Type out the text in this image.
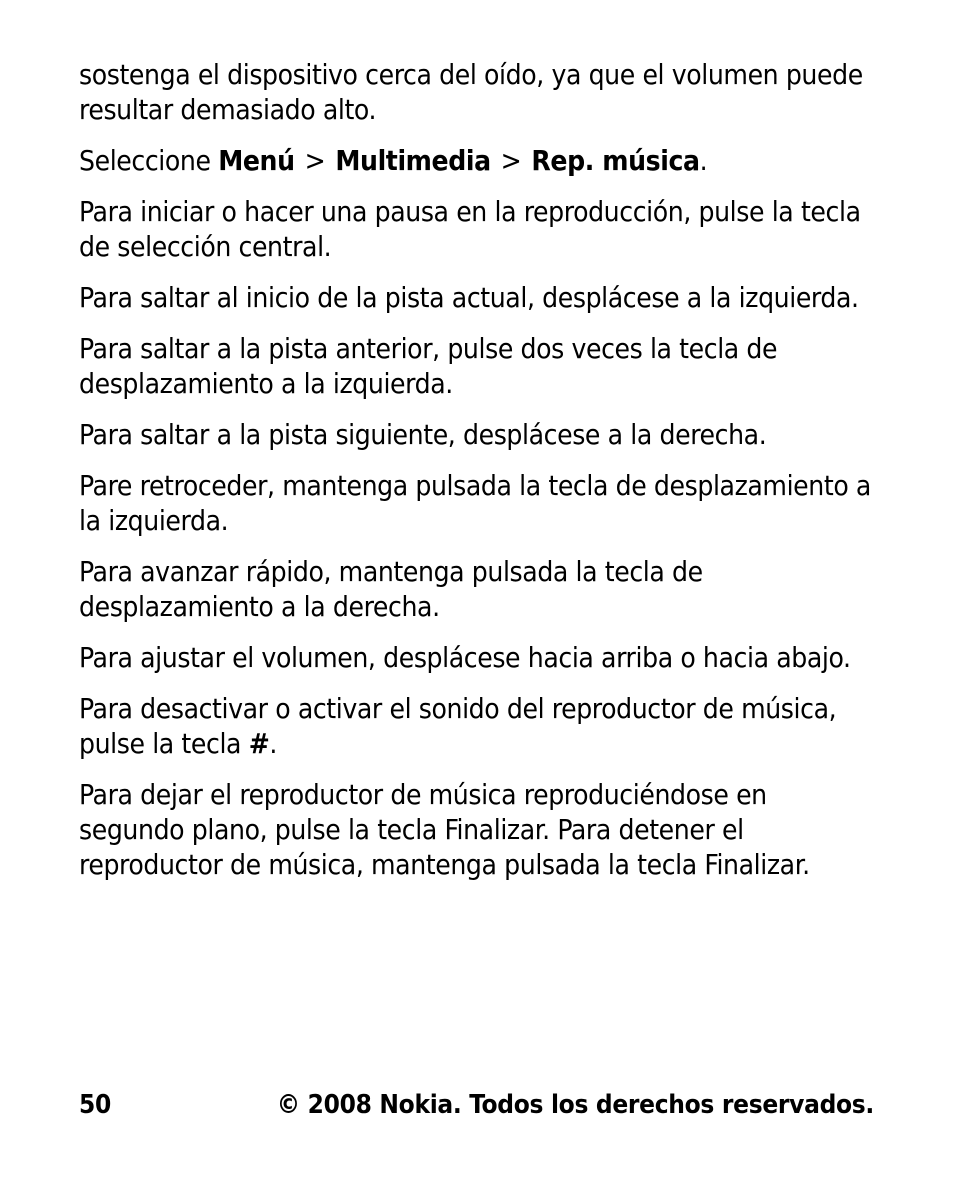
sostenga el dispositivo cerca del oído, ya que el volumen puede resultar demasiado alto.

Seleccione Menú > Multimedia > Rep. música.

Para iniciar o hacer una pausa en la reproducción, pulse la tecla de selección central.

Para saltar al inicio de la pista actual, desplácese a la izquierda.

Para saltar a la pista anterior, pulse dos veces la tecla de desplazamiento a la izquierda.

Para saltar a la pista siguiente, desplácese a la derecha.

Pare retroceder, mantenga pulsada la tecla de desplazamiento a la izquierda.

Para avanzar rápido, mantenga pulsada la tecla de desplazamiento a la derecha.

Para ajustar el volumen, desplácese hacia arriba o hacia abajo.

Para desactivar o activar el sonido del reproductor de música, pulse la tecla #.

Para dejar el reproductor de música reproduciéndose en segundo plano, pulse la tecla Finalizar. Para detener el reproductor de música, mantenga pulsada la tecla Finalizar.

50	© 2008 Nokia. Todos los derechos reservados.
